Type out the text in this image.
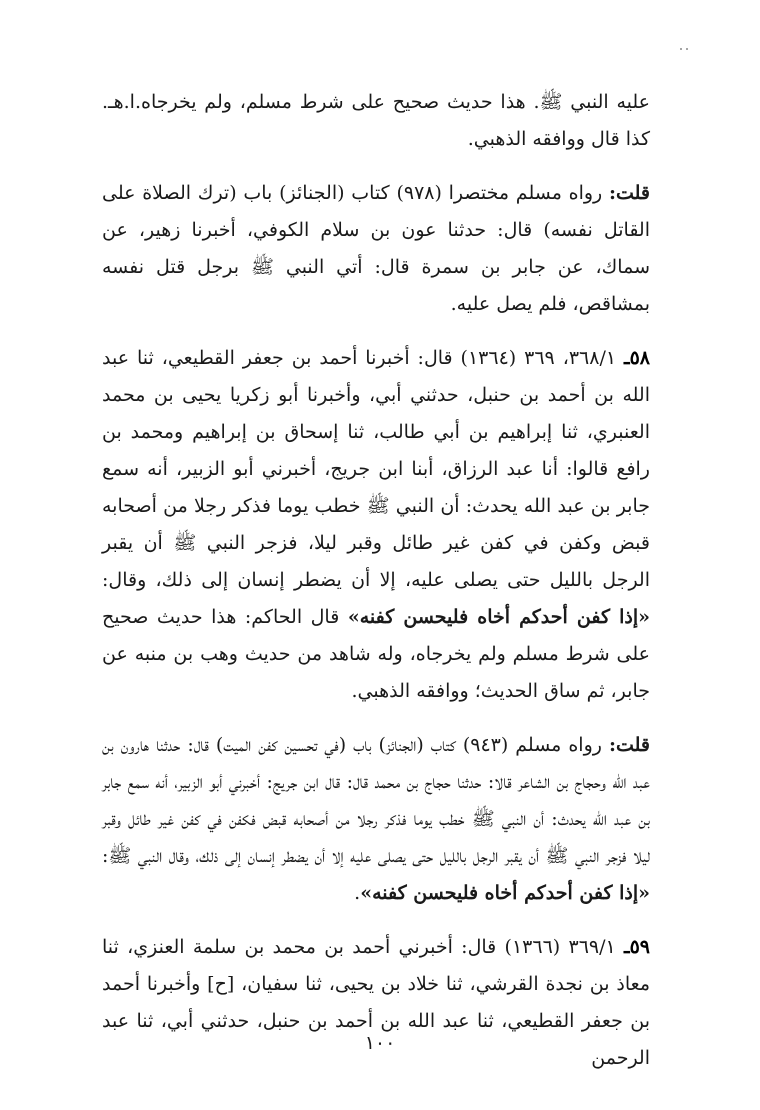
عليه النبي ﷺ. هذا حديث صحيح على شرط مسلم، ولم يخرجاه.ا.هـ. كذا قال ووافقه الذهبي.

قلت: رواه مسلم مختصرا (٩٧٨) كتاب (الجنائز) باب (ترك الصلاة على القاتل نفسه) قال: حدثنا عون بن سلام الكوفي، أخبرنا زهير، عن سماك، عن جابر بن سمرة قال: أتي النبي ﷺ برجل قتل نفسه بمشاقص، فلم يصل عليه.

٥٨ـ ٣٦٨/١، ٣٦٩ (١٣٦٤) قال: أخبرنا أحمد بن جعفر القطيعي، ثنا عبد الله بن أحمد بن حنبل، حدثني أبي، وأخبرنا أبو زكريا يحيى بن محمد العنبري، ثنا إبراهيم بن أبي طالب، ثنا إسحاق بن إبراهيم ومحمد بن رافع قالوا: أنا عبد الرزاق، أبنا ابن جريج، أخبرني أبو الزبير، أنه سمع جابر بن عبد الله يحدث: أن النبي ﷺ خطب يوما فذكر رجلا من أصحابه قبض وكفن في كفن غير طائل وقبر ليلا، فزجر النبي ﷺ أن يقبر الرجل بالليل حتى يصلى عليه، إلا أن يضطر إنسان إلى ذلك، وقال: «إذا كفن أحدكم أخاه فليحسن كفنه» قال الحاكم: هذا حديث صحيح على شرط مسلم ولم يخرجاه، وله شاهد من حديث وهب بن منبه عن جابر، ثم ساق الحديث؛ ووافقه الذهبي.

قلت: رواه مسلم (٩٤٣) كتاب (الجنائز) باب (في تحسين كفن الميت) قال: حدثنا هارون بن عبد الله وحجاج بن الشاعر قالا: حدثنا حجاج بن محمد قال: قال ابن جريج: أخبرني أبو الزبير، أنه سمع جابر بن عبد الله يحدث: أن النبي ﷺ خطب يوما فذكر رجلا من أصحابه قبض فكفن في كفن غير طائل وقبر ليلا فزجر النبي ﷺ أن يقبر الرجل بالليل حتى يصلى عليه إلا أن يضطر إنسان إلى ذلك، وقال النبي ﷺ: «إذا كفن أحدكم أخاه فليحسن كفنه».

٥٩ـ ٣٦٩/١ (١٣٦٦) قال: أخبرني أحمد بن محمد بن سلمة العنزي، ثنا معاذ بن نجدة القرشي، ثنا خلاد بن يحيى، ثنا سفيان، [ح] وأخبرنا أحمد بن جعفر القطيعي، ثنا عبد الله بن أحمد بن حنبل، حدثني أبي، ثنا عبد الرحمن

١٠٠
